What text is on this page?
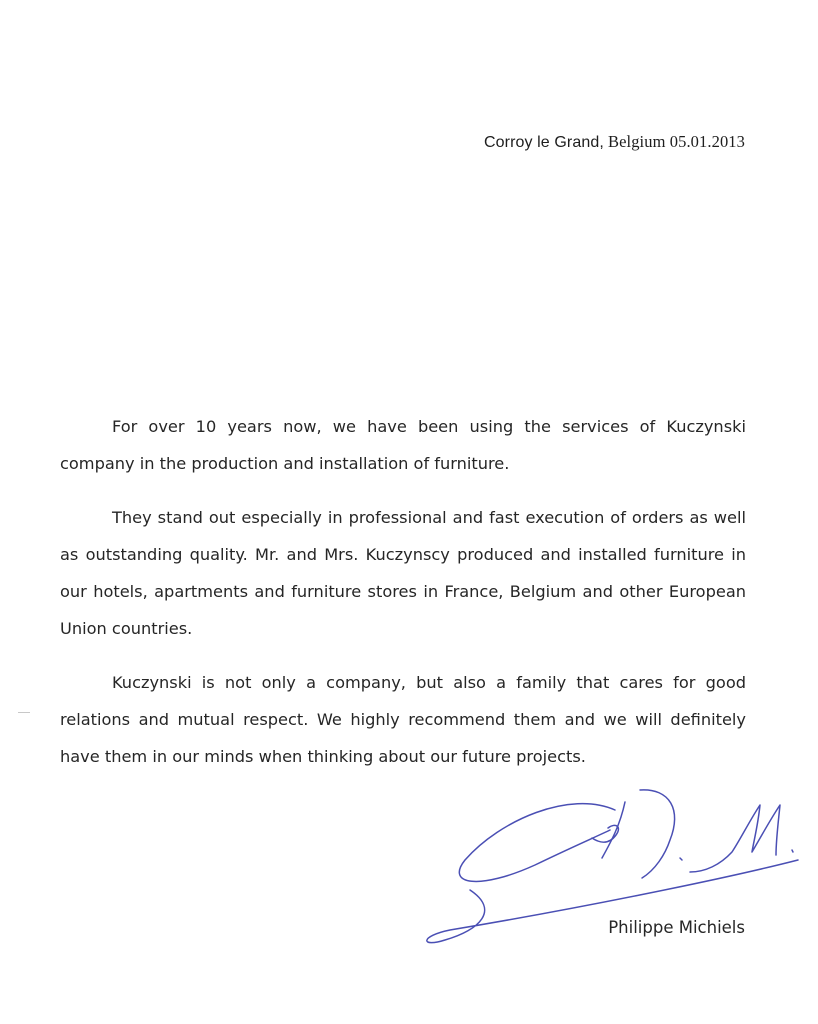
Corroy le Grand, Belgium 05.01.2013

For over 10 years now, we have been using the services of Kuczynski company in the production and installation of furniture.

They stand out especially in professional and fast execution of orders as well as outstanding quality. Mr. and Mrs. Kuczynscy produced and installed furniture in our hotels, apartments and furniture stores in France, Belgium and other European Union countries.

Kuczynski is not only a company, but also a family that cares for good relations and mutual respect. We highly recommend them and we will definitely have them in our minds when thinking about our future projects.

Philippe Michiels
